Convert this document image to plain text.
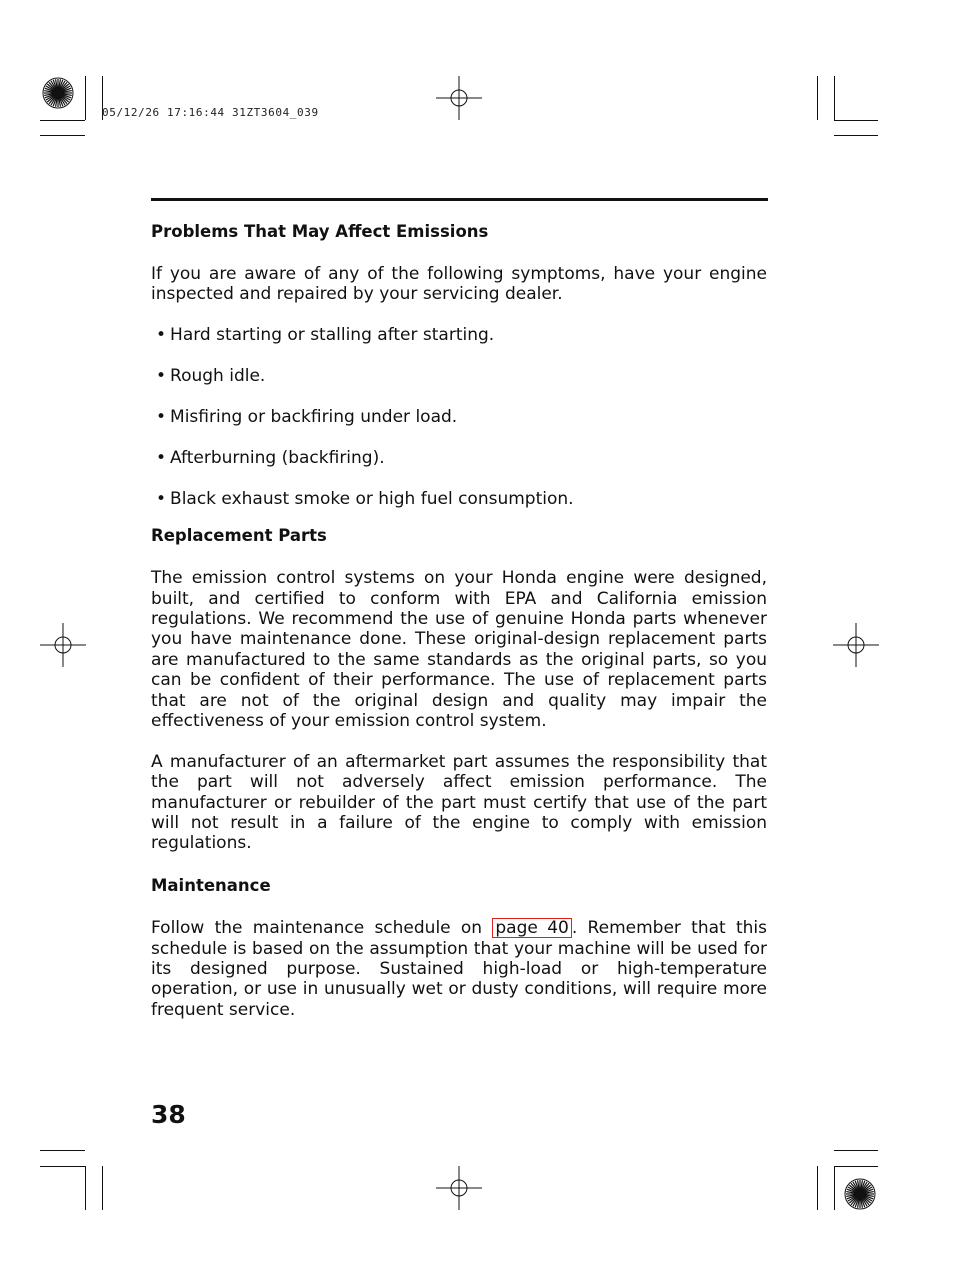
05/12/26 17:16:44 31ZT3604_039
Problems That May Affect Emissions

If you are aware of any of the following symptoms, have your engine inspected and repaired by your servicing dealer.

• Hard starting or stalling after starting.
• Rough idle.
• Misfiring or backfiring under load.
• Afterburning (backfiring).
• Black exhaust smoke or high fuel consumption.
Replacement Parts

The emission control systems on your Honda engine were designed, built, and certified to conform with EPA and California emission regulations. We recommend the use of genuine Honda parts whenever you have maintenance done. These original-design replacement parts are manufactured to the same standards as the original parts, so you can be confident of their performance. The use of replacement parts that are not of the original design and quality may impair the effectiveness of your emission control system.

A manufacturer of an aftermarket part assumes the responsibility that the part will not adversely affect emission performance. The manufacturer or rebuilder of the part must certify that use of the part will not result in a failure of the engine to comply with emission regulations.

Maintenance

Follow the maintenance schedule on page 40 . Remember that this schedule is based on the assumption that your machine will be used for its designed purpose. Sustained high-load or high-temperature operation, or use in unusually wet or dusty conditions, will require more frequent service.

38
